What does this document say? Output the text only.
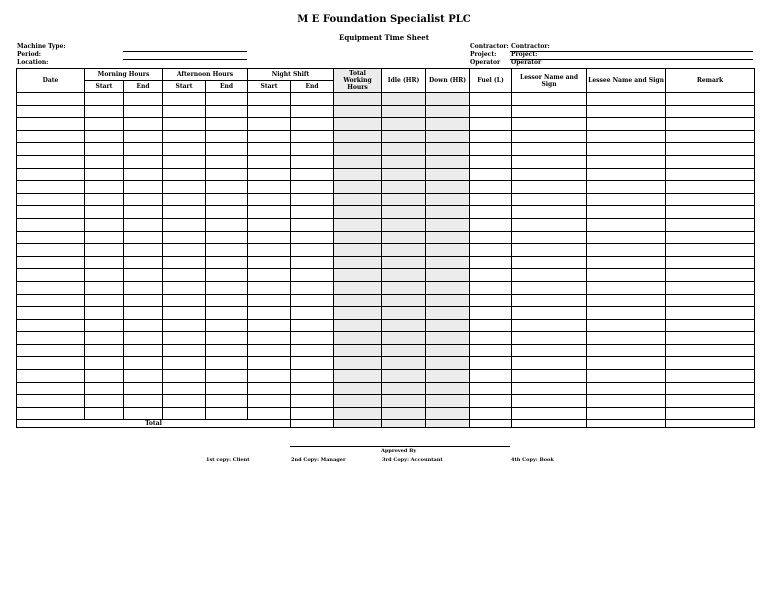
M E Foundation Specialist PLC
Equipment Time Sheet
Machine Type:
Period:
Location:
Contractor: Contractor:
Project: Project:
Operator Operator
Date	Morning Hours		Afternoon Hours		Night Shift		Total Working Hours	Idle (HR)	Down (HR)	Fuel (L)	Lessor Name and Sign	Lessee Name and Sign	Remark
	Start	End	Start	End	Start	End							

Total													
Approved By
1st copy: Client	2nd Copy: Manager	3rd Copy: Accountant	4th Copy: Book
